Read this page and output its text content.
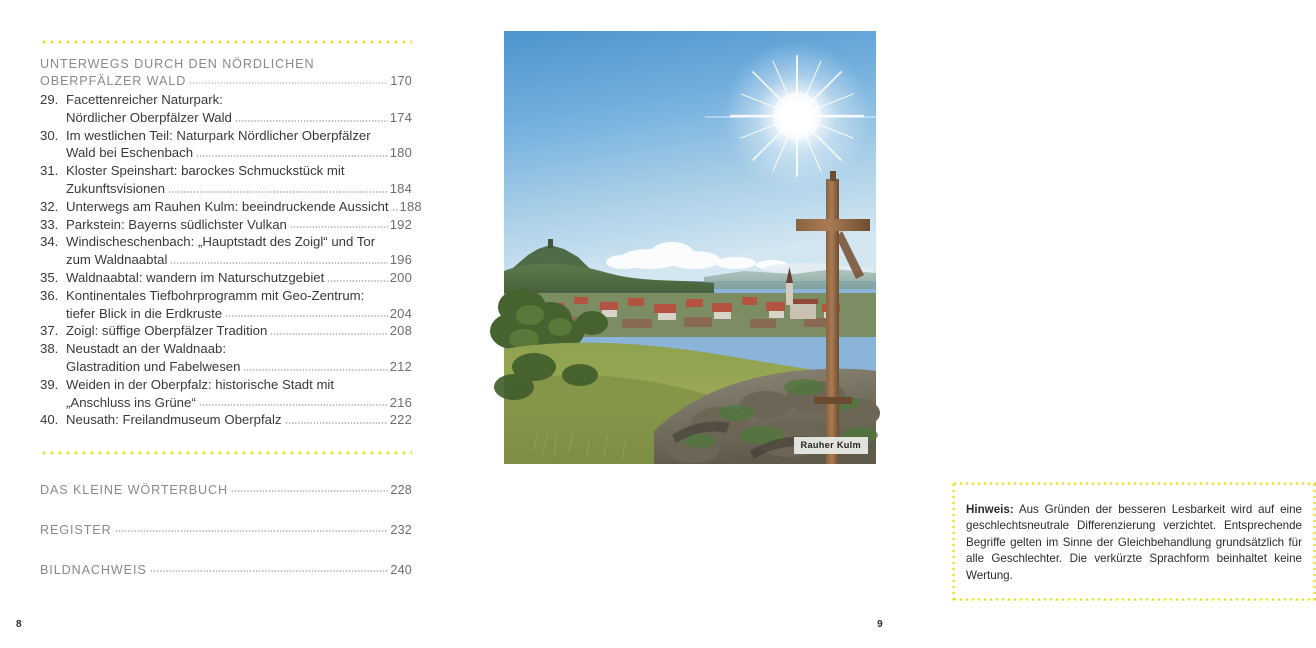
UNTERWEGS DURCH DEN NÖRDLICHEN
OBERPFÄLZER WALD	170
29. Facettenreicher Naturpark:
Nördlicher Oberpfälzer Wald	174
30. Im westlichen Teil: Naturpark Nördlicher Oberpfälzer
Wald bei Eschenbach	180
31. Kloster Speinshart: barockes Schmuckstück mit
Zukunftsvisionen	184
32. Unterwegs am Rauhen Kulm: beeindruckende Aussicht 188
33. Parkstein: Bayerns südlichster Vulkan	192
34. Windischeschenbach: „Hauptstadt des Zoigl“ und Tor
zum Waldnaabtal	196
35. Waldnaabtal: wandern im Naturschutzgebiet	200
36. Kontinentales Tiefbohrprogramm mit Geo-Zentrum:
tiefer Blick in die Erdkruste	204
37. Zoigl: süffige Oberpfälzer Tradition	208
38. Neustadt an der Waldnaab:
Glastradition und Fabelwesen	212
39. Weiden in der Oberpfalz: historische Stadt mit
„Anschluss ins Grüne“	216
40. Neusath: Freilandmuseum Oberpfalz	222
DAS KLEINE WÖRTERBUCH	228
REGISTER	232
BILDNACHWEIS	240
8
Rauher Kulm
Hinweis: Aus Gründen der besseren Lesbarkeit wird auf eine geschlechtsneutrale Differenzierung verzichtet. Entsprechende Begriffe gelten im Sinne der Gleichbehandlung grundsätzlich für alle Geschlechter. Die verkürzte Sprachform beinhaltet keine Wertung.
9
